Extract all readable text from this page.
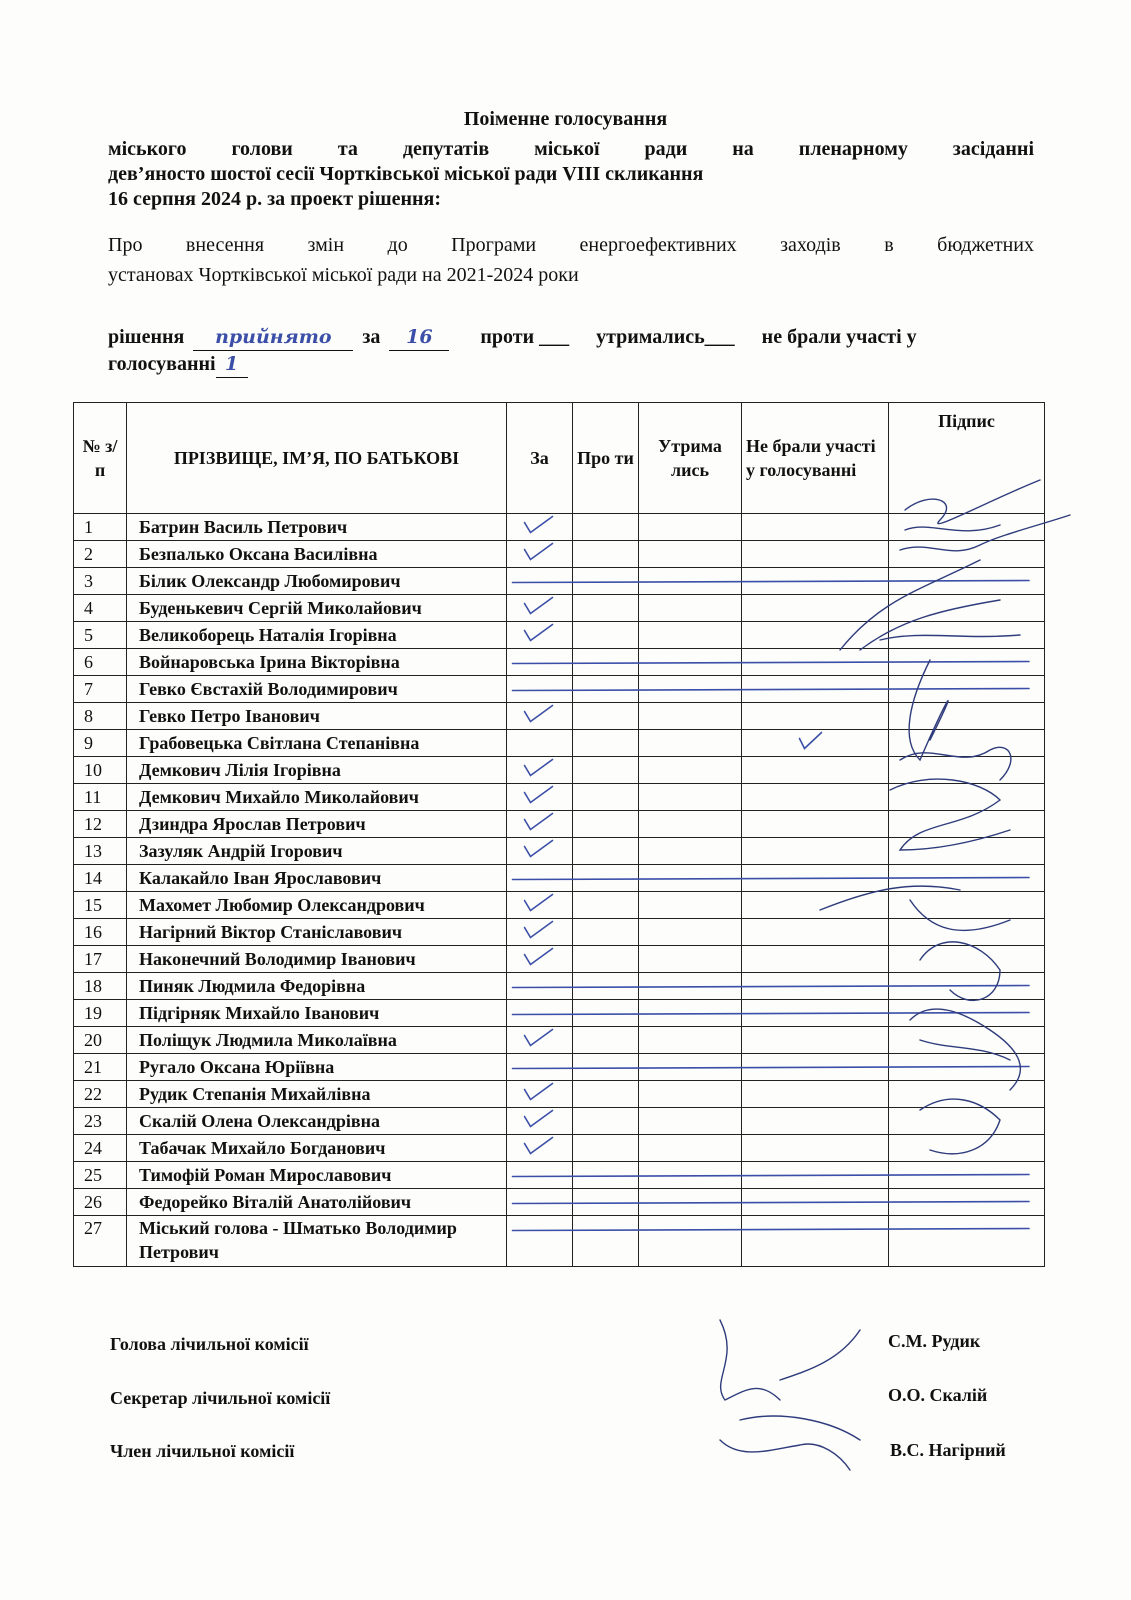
Поіменне голосування
міського голови та депутатів міської ради на пленарному засіданні
дев’яносто шостої сесії Чортківської міської ради VIII скликання
16 серпня 2024 р. за проект рішення:
Про внесення змін до Програми енергоефективних заходів в бюджетних
установах Чортківської міської ради на 2021-2024 роки
рішення прийнято за 16 проти ___ утримались___ не брали участі у
голосуванні 1
№ з/п	ПРІЗВИЩЕ, ІМ’Я, ПО БАТЬКОВІ	За	Про ти	Утрима лись	Не брали участі у голосуванні	Підпис
1	Батрин Василь Петрович					
2	Безпалько Оксана Василівна					
3	Білик Олександр Любомирович					
4	Буденькевич Сергій Миколайович					
5	Великоборець Наталія Ігорівна					
6	Войнаровська Ірина Вікторівна					
7	Гевко Євстахій Володимирович					
8	Гевко Петро Іванович					
9	Грабовецька Світлана Степанівна					
10	Демкович Лілія Ігорівна					
11	Демкович Михайло Миколайович					
12	Дзиндра Ярослав Петрович					
13	Зазуляк Андрій Ігорович					
14	Калакайло Іван Ярославович					
15	Махомет Любомир Олександрович					
16	Нагірний Віктор Станіславович					
17	Наконечний Володимир Іванович					
18	Пиняк Людмила Федорівна					
19	Підгірняк Михайло Іванович					
20	Поліщук Людмила Миколаївна					
21	Ругало Оксана Юріївна					
22	Рудик Степанія Михайлівна					
23	Скалій Олена Олександрівна					
24	Табачак Михайло Богданович					
25	Тимофій Роман Мирославович					
26	Федорейко Віталій Анатолійович					
27	Міський голова - Шматько Володимир Петрович					
Голова лічильної комісії
Секретар лічильної комісії
Член лічильної комісії
С.М. Рудик
О.О. Скалій
В.С. Нагірний
